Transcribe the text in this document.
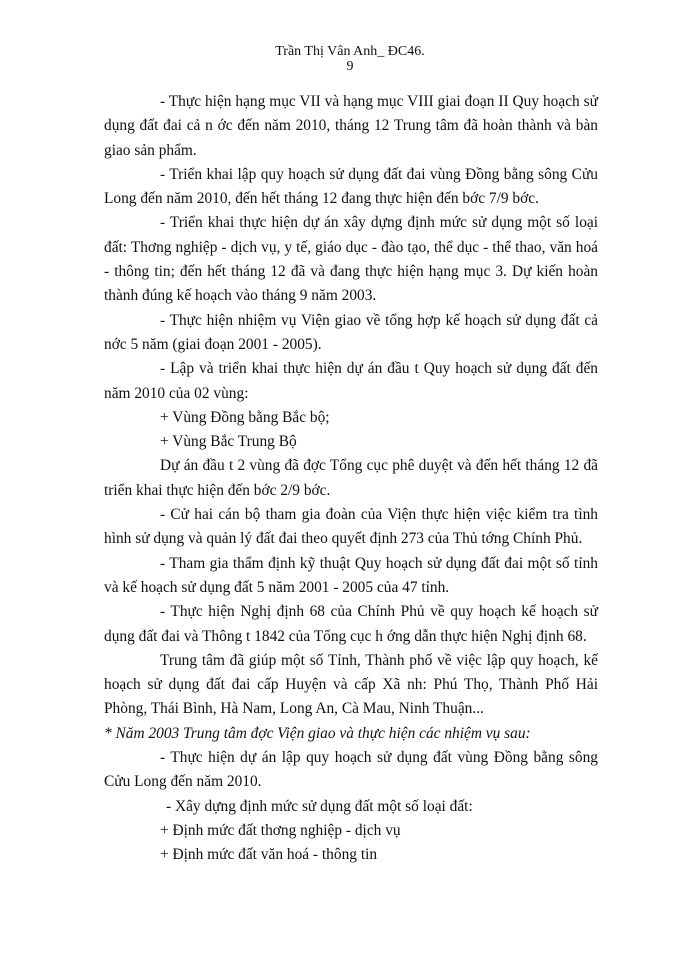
Trần Thị Vân Anh_ ĐC46.
9

- Thực hiện hạng mục VII và hạng mục VIII giai đoạn II Quy hoạch sử dụng đất đai cả n ớc đến năm 2010, tháng 12 Trung tâm đã hoàn thành và bàn giao sản phẩm.

- Triển khai lập quy hoạch sử dụng đất đai vùng Đồng bằng sông Cửu Long đến năm 2010, đến hết tháng 12 đang thực hiện đến bớc 7/9 bớc.

- Triển khai thực hiện dự án xây dựng định mức sử dụng một số loại đất: Thơng nghiệp - dịch vụ, y tế, giáo dục - đào tạo, thể dục - thể thao, văn hoá - thông tin; đến hết tháng 12 đã và đang thực hiện hạng mục 3. Dự kiến hoàn thành đúng kế hoạch vào tháng 9 năm 2003.

- Thực hiện nhiệm vụ Viện giao về tổng hợp kế hoạch sử dụng đất cả nớc 5 năm (giai đoạn 2001 - 2005).

- Lập và triển khai thực hiện dự án đầu t Quy hoạch sử dụng đất đến năm 2010 của 02 vùng:

+ Vùng Đồng bằng Bắc bộ;

+ Vùng Bắc Trung Bộ

Dự án đầu t 2 vùng đã đợc Tổng cục phê duyệt và đến hết tháng 12 đã triển khai thực hiện đến bớc 2/9 bớc.

- Cử hai cán bộ tham gia đoàn của Viện thực hiện việc kiểm tra tình hình sử dụng và quản lý đất đai theo quyết định 273 của Thủ tớng Chính Phủ.

- Tham gia thẩm định kỹ thuật Quy hoạch sử dụng đất đai một số tỉnh và kế hoạch sử dụng đất 5 năm 2001 - 2005 của 47 tỉnh.

- Thực hiện Nghị định 68 của Chính Phủ về quy hoạch kế hoạch sử dụng đất đai và Thông t 1842 của Tổng cục h ớng dẫn thực hiện Nghị định 68.

Trung tâm đã giúp một số Tỉnh, Thành phố về việc lập quy hoạch, kế hoạch sử dụng đất đai cấp Huyện và cấp Xã nh: Phú Thọ, Thành Phố Hải Phòng, Thái Bình, Hà Nam, Long An, Cà Mau, Ninh Thuận...

* Năm 2003 Trung tâm đợc Viện giao và thực hiện các nhiệm vụ sau:

- Thực hiện dự án lập quy hoạch sử dụng đất vùng Đồng bằng sông Cửu Long đến năm 2010.

- Xây dựng định mức sử dụng đất một số loại đất:

+ Định mức đất thơng nghiệp - dịch vụ

+ Định mức đất văn hoá - thông tin
